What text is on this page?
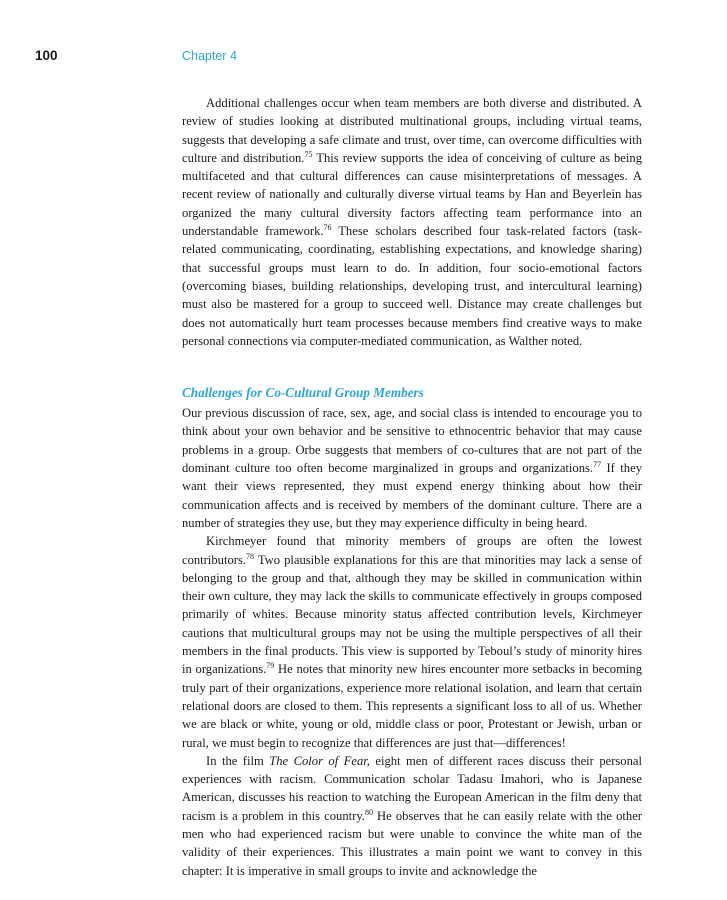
100	Chapter 4

Additional challenges occur when team members are both diverse and distributed. A review of studies looking at distributed multinational groups, including virtual teams, suggests that developing a safe climate and trust, over time, can overcome difficulties with culture and distribution.$^{75}$ This review supports the idea of conceiving of culture as being multifaceted and that cultural differences can cause misinterpretations of messages. A recent review of nationally and culturally diverse virtual teams by Han and Beyerlein has organized the many cultural diversity factors affecting team performance into an understandable framework.$^{76}$ These scholars described four task-related factors (task-related communicating, coordinating, establishing expectations, and knowledge sharing) that successful groups must learn to do. In addition, four socio-emotional factors (overcoming biases, building relationships, developing trust, and intercultural learning) must also be mastered for a group to succeed well. Distance may create challenges but does not automatically hurt team processes because members find creative ways to make personal connections via computer-mediated communication, as Walther noted.

Challenges for Co-Cultural Group Members

Our previous discussion of race, sex, age, and social class is intended to encourage you to think about your own behavior and be sensitive to ethnocentric behavior that may cause problems in a group. Orbe suggests that members of co-cultures that are not part of the dominant culture too often become marginalized in groups and organizations.$^{77}$ If they want their views represented, they must expend energy thinking about how their communication affects and is received by members of the dominant culture. There are a number of strategies they use, but they may experience difficulty in being heard.

Kirchmeyer found that minority members of groups are often the lowest contributors.$^{78}$ Two plausible explanations for this are that minorities may lack a sense of belonging to the group and that, although they may be skilled in communication within their own culture, they may lack the skills to communicate effectively in groups composed primarily of whites. Because minority status affected contribution levels, Kirchmeyer cautions that multicultural groups may not be using the multiple perspectives of all their members in the final products. This view is supported by Teboul’s study of minority hires in organizations.$^{79}$ He notes that minority new hires encounter more setbacks in becoming truly part of their organizations, experience more relational isolation, and learn that certain relational doors are closed to them. This represents a significant loss to all of us. Whether we are black or white, young or old, middle class or poor, Protestant or Jewish, urban or rural, we must begin to recognize that differences are just that—differences!

In the film The Color of Fear, eight men of different races discuss their personal experiences with racism. Communication scholar Tadasu Imahori, who is Japanese American, discusses his reaction to watching the European American in the film deny that racism is a problem in this country.$^{80}$ He observes that he can easily relate with the other men who had experienced racism but were unable to convince the white man of the validity of their experiences. This illustrates a main point we want to convey in this chapter: It is imperative in small groups to invite and acknowledge the
